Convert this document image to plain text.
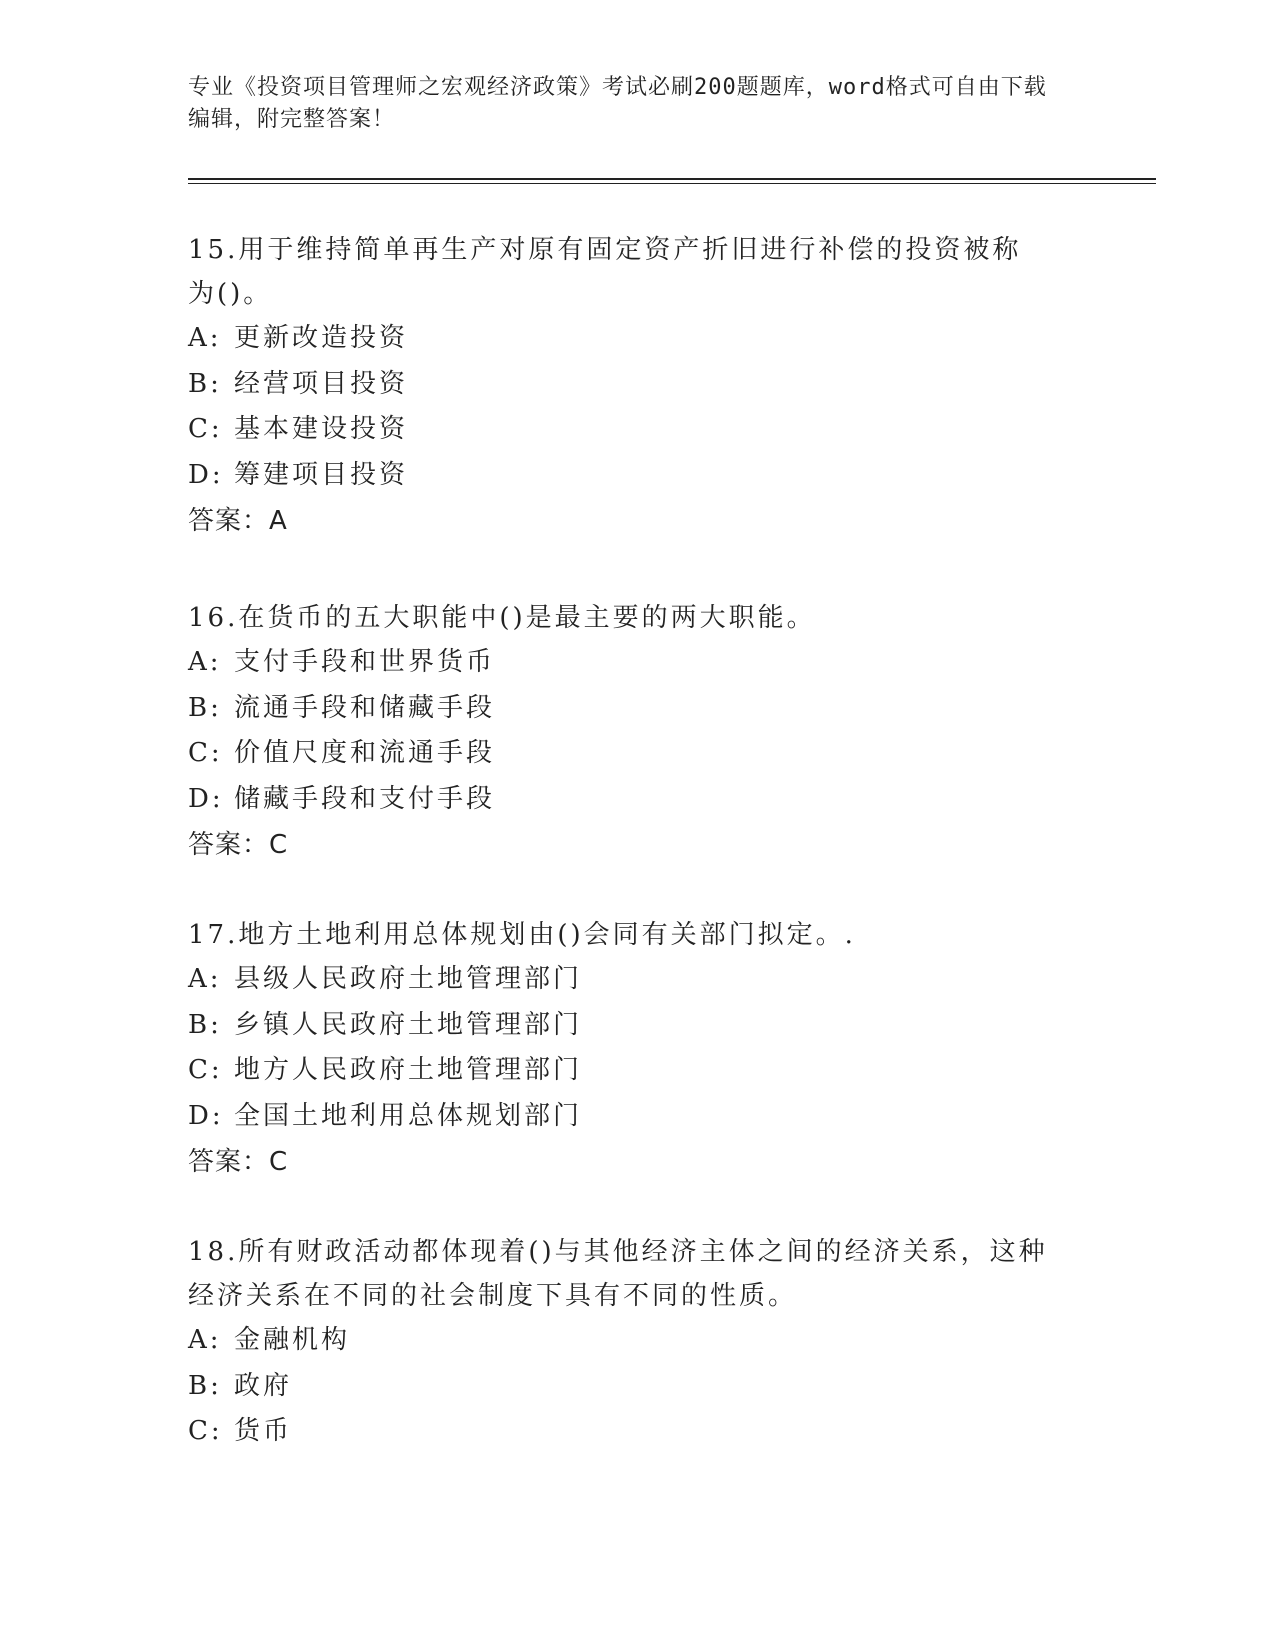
专业《投资项目管理师之宏观经济政策》考试必刷200题题库，word格式可自由下载编辑，附完整答案！
15.用于维持简单再生产对原有固定资产折旧进行补偿的投资被称为()。
A: 更新改造投资
B: 经营项目投资
C: 基本建设投资
D: 筹建项目投资
答案：A
16.在货币的五大职能中()是最主要的两大职能。
A: 支付手段和世界货币
B: 流通手段和储藏手段
C: 价值尺度和流通手段
D: 储藏手段和支付手段
答案：C
17.地方土地利用总体规划由()会同有关部门拟定。.
A: 县级人民政府土地管理部门
B: 乡镇人民政府土地管理部门
C: 地方人民政府土地管理部门
D: 全国土地利用总体规划部门
答案：C
18.所有财政活动都体现着()与其他经济主体之间的经济关系，这种经济关系在不同的社会制度下具有不同的性质。
A: 金融机构
B: 政府
C: 货币
